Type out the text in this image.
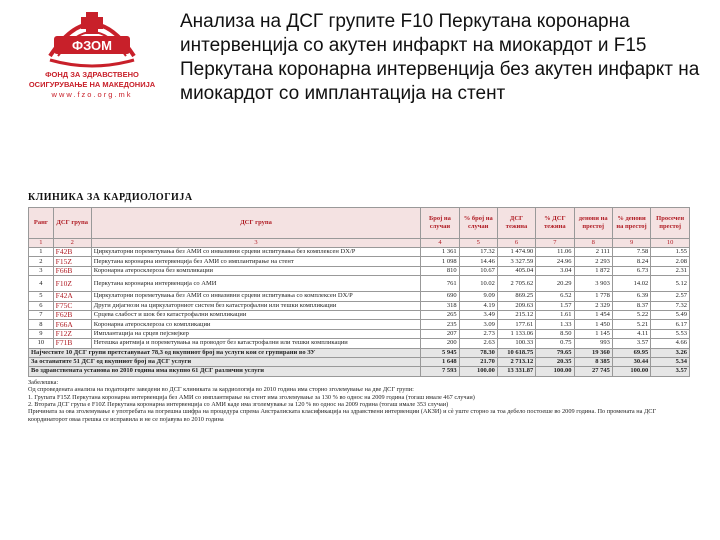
ФЗОМ
ФОНД ЗА ЗДРАВСТВЕНО
ОСИГУРУВАЊЕ НА МАКЕДОНИЈА
www.fzo.org.mk
Анализа на ДСГ групите F10 Перкутана коронарна интервенција со акутен инфаркт на миокардот и F15 Перкутана коронарна интервенција без акутен инфаркт на миокардот со имплантација на стент
КЛИНИКА ЗА КАРДИОЛОГИЈА
Ранг	ДСГ група	ДСГ група	Број на случаи	% број на случаи	ДСГ тежина	% ДСГ тежина	денови на престој	% денови на престој	Просечен престој
1	2	3	4	5	6	7	8	9	10
1	F42B	Циркулаторни пореметувања без АМИ со инвазивни срцеви испитувања без комплексен DX/P	1 361	17.32	1 474.90	11.06	2 111	7.58	1.55
2	F15Z	Перкутана коронарна интервенција без АМИ со имплантирање на стент	1 098	14.46	3 327.59	24.96	2 293	8.24	2.08
3	F66B	Коронарна атеросклероза без компликации	810	10.67	405.04	3.04	1 872	6.73	2.31
4	F10Z	Перкутана коронарна интервенција со АМИ	761	10.02	2 705.62	20.29	3 903	14.02	5.12
5	F42A	Циркулаторни пореметувања без АМИ со инвазивни срцеви испитувања со комплексен DX/P	690	9.09	869.25	6.52	1 778	6.39	2.57
6	F75C	Други дијагнози на циркулаторниот систем без катастрофални или тешки компликации	318	4.19	209.63	1.57	2 329	8.37	7.32
7	F62B	Срцева слабост и шок без катастрофални компликации	265	3.49	215.12	1.61	1 454	5.22	5.49
8	F66A	Коронарна атеросклероза со компликации	235	3.09	177.61	1.33	1 450	5.21	6.17
9	F12Z	Имплантација на срцев пејсмејкер	207	2.73	1 133.06	8.50	1 145	4.11	5.53
10	F71B	Нетешка аритмија и пореметувања на проводот без катастрофални или тешки компликации	200	2.63	100.33	0.75	993	3.57	4.66
Најчестите 10 ДСГ групи претставуваат 78,3 од вкупниот број на услуги кои се групирани во ЗУ			5 945	78.30	10 618.75	79.65	19 360	69.95	3.26
За останатите 51 ДСГ од вкупниот број на ДСГ услуги			1 648	21.70	2 713.12	20.35	8 385	30.44	5.34
Во здравствената установа во 2010 година има вкупно 61 ДСГ различни услуги			7 593	100.00	13 331.87	100.00	27 745	100.00	3.57
Забелешка:
Од спроведената анализа на податоците заведени во ДСГ клиниката за кардиологија во 2010 година има сторно зголемување на две ДСГ групи:
1. Групата F15Z Перкутана коронарна интервенција без АМИ со имплантирање на стент има зголемување за 130 % во однос на 2009 година (тогаш имале 467 случаи)
2. Втората ДСГ група е F10Z Перкутана коронарна интервенција со АМИ каде има зголемување за 120 % во однос на 2009 година (тогаш имале 353 случаи)
Причината за ова зголемување е употребата на погрешна шифра на процедура спрема Австралиската класификација на здравствени интервенции (АКЗИ) и сѐ уште сторно за тоа дебело постоеше во 2009 година. По промената на ДСГ координаторот оваа грешка се исправила и не се појавува во 2010 година
